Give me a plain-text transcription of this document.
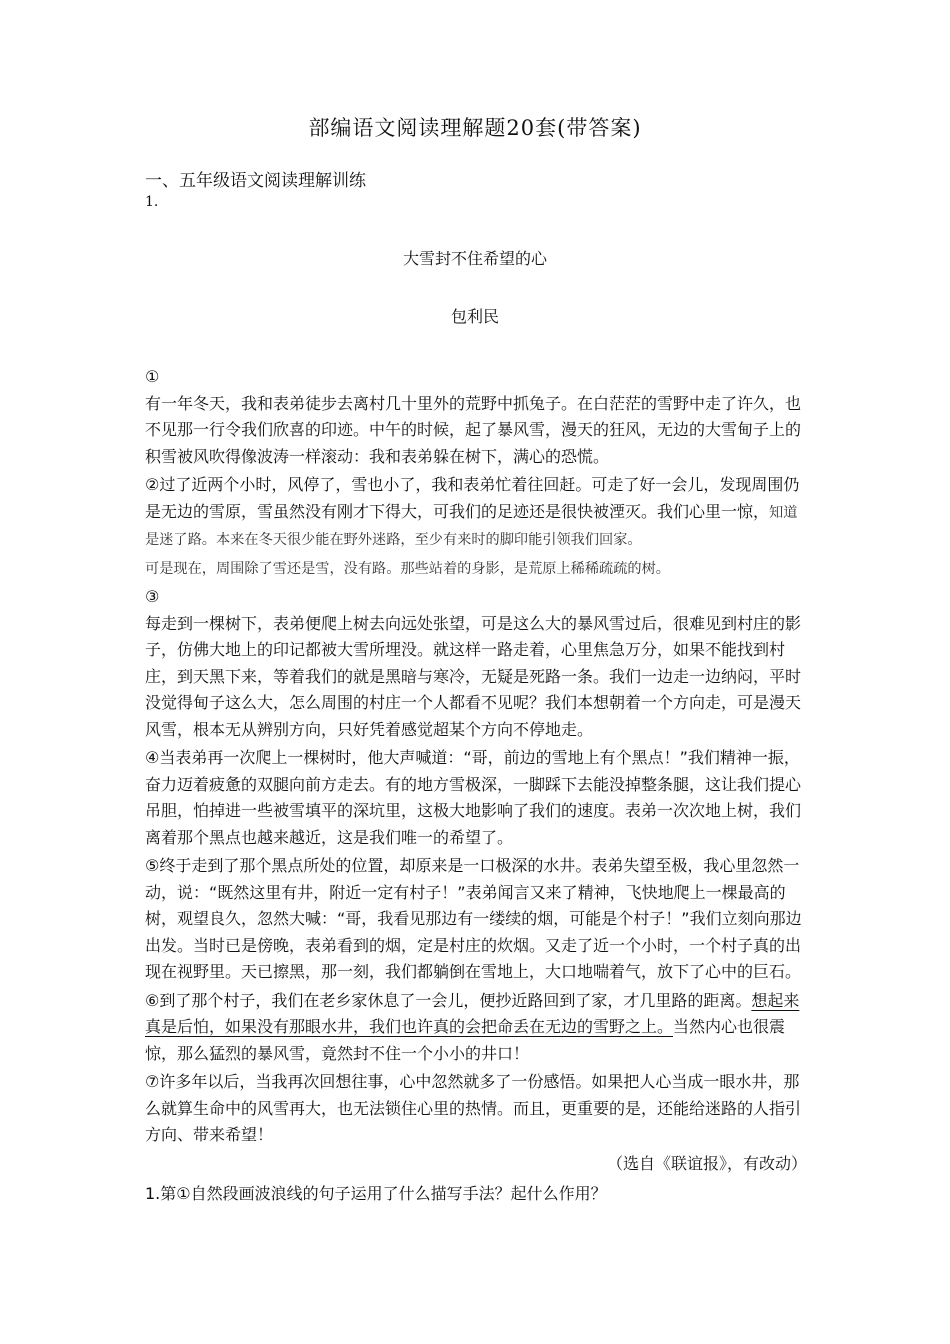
部编语文阅读理解题20套(带答案)
一、五年级语文阅读理解训练
1.
大雪封不住希望的心
包利民

①
有一年冬天，我和表弟徒步去离村几十里外的荒野中抓兔子。在白茫茫的雪野中走了许久，也不见那一行令我们欣喜的印迹。中午的时候，起了暴风雪，漫天的狂风，无边的大雪甸子上的积雪被风吹得像波涛一样滚动：我和表弟躲在树下，满心的恐慌。

②过了近两个小时，风停了，雪也小了，我和表弟忙着往回赶。可走了好一会儿，发现周围仍是无边的雪原，雪虽然没有刚才下得大，可我们的足迹还是很快被湮灭。我们心里一惊，知道是迷了路。本来在冬天很少能在野外迷路，至少有来时的脚印能引领我们回家。
可是现在，周围除了雪还是雪，没有路。那些站着的身影，是荒原上稀稀疏疏的树。

③
每走到一棵树下，表弟便爬上树去向远处张望，可是这么大的暴风雪过后，很难见到村庄的影子，仿佛大地上的印记都被大雪所埋没。就这样一路走着，心里焦急万分，如果不能找到村庄，到天黑下来，等着我们的就是黑暗与寒冷，无疑是死路一条。我们一边走一边纳闷，平时没觉得甸子这么大，怎么周围的村庄一个人都看不见呢？我们本想朝着一个方向走，可是漫天风雪，根本无从辨别方向，只好凭着感觉超某个方向不停地走。

④当表弟再一次爬上一棵树时，他大声喊道：“哥，前边的雪地上有个黑点！”我们精神一振，奋力迈着疲惫的双腿向前方走去。有的地方雪极深，一脚踩下去能没掉整条腿，这让我们提心吊胆，怕掉进一些被雪填平的深坑里，这极大地影响了我们的速度。表弟一次次地上树，我们离着那个黑点也越来越近，这是我们唯一的希望了。

⑤终于走到了那个黑点所处的位置，却原来是一口极深的水井。表弟失望至极，我心里忽然一动，说：“既然这里有井，附近一定有村子！”表弟闻言又来了精神，飞快地爬上一棵最高的树，观望良久，忽然大喊：“哥，我看见那边有一缕续的烟，可能是个村子！”我们立刻向那边出发。当时已是傍晚，表弟看到的烟，定是村庄的炊烟。又走了近一个小时，一个村子真的出现在视野里。天已擦黑，那一刻，我们都躺倒在雪地上，大口地喘着气，放下了心中的巨石。

⑥到了那个村子，我们在老乡家休息了一会儿，便抄近路回到了家，才几里路的距离。想起来真是后怕，如果没有那眼水井，我们也许真的会把命丢在无边的雪野之上。当然内心也很震惊，那么猛烈的暴风雪，竟然封不住一个小小的井口！

⑦许多年以后，当我再次回想往事，心中忽然就多了一份感悟。如果把人心当成一眼水井，那么就算生命中的风雪再大，也无法锁住心里的热情。而且，更重要的是，还能给迷路的人指引方向、带来希望！

（选自《联谊报》，有改动）
1.第①自然段画波浪线的句子运用了什么描写手法？起什么作用？
